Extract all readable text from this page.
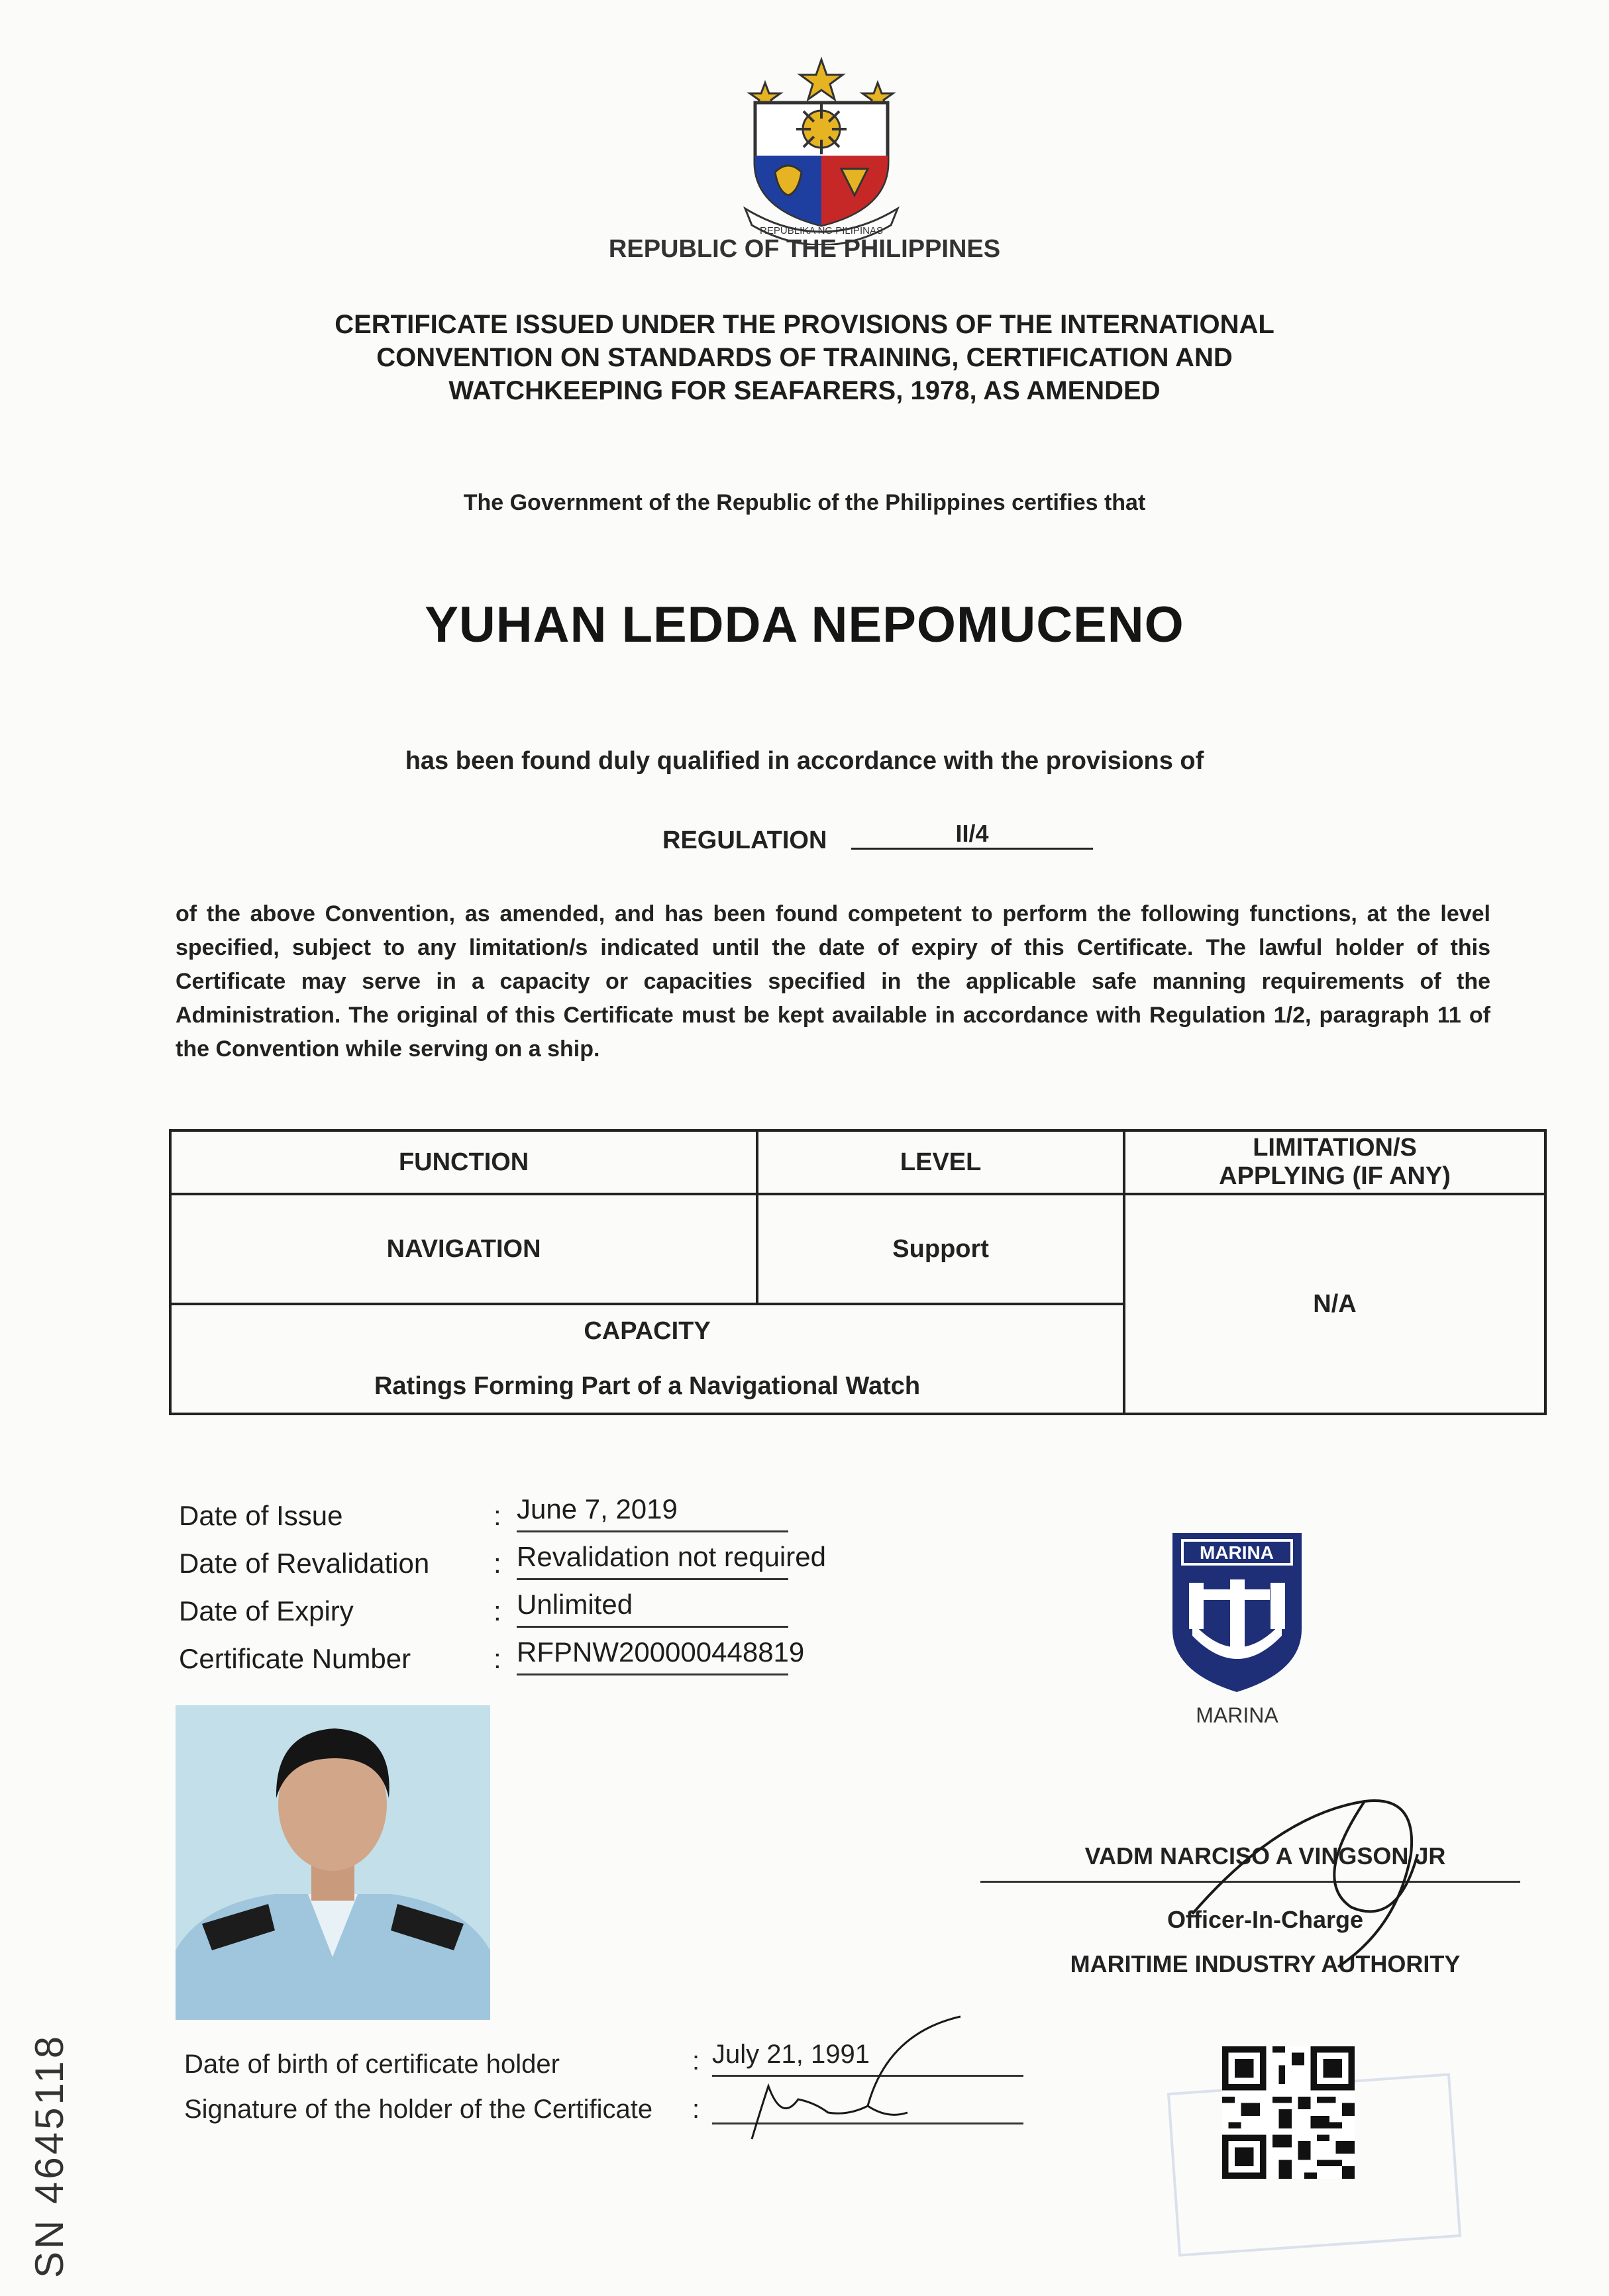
REPUBLIKA NG PILIPINAS
REPUBLIC OF THE PHILIPPINES
CERTIFICATE ISSUED UNDER THE PROVISIONS OF THE INTERNATIONAL
CONVENTION ON STANDARDS OF TRAINING, CERTIFICATION AND
WATCHKEEPING FOR SEAFARERS, 1978, AS AMENDED
The Government of the Republic of the Philippines certifies that
YUHAN LEDDA NEPOMUCENO
has been found duly qualified in accordance with the provisions of
REGULATION	II/4
of the above Convention, as amended, and has been found competent to perform the following functions, at the level specified, subject to any limitation/s indicated until the date of expiry of this Certificate. The lawful holder of this Certificate may serve in a capacity or capacities specified in the applicable safe manning requirements of the Administration. The original of this Certificate must be kept available in accordance with Regulation 1/2, paragraph 11 of the Convention while serving on a ship.
FUNCTION	LEVEL	LIMITATION/S
APPLYING (IF ANY)

NAVIGATION	Support	N/A

CAPACITY
Ratings Forming Part of a Navigational Watch		
Date of Issue	: June 7, 2019
Date of Revalidation	: Revalidation not required
Date of Expiry	: Unlimited
Certificate Number	: RFPNW200000448819
MARINA
MARINA
VADM NARCISO A VINGSON JR
Officer-In-Charge
MARITIME INDUSTRY AUTHORITY
Date of birth of certificate holder	: July 21, 1991
Signature of the holder of the Certificate :
SN 4645118
